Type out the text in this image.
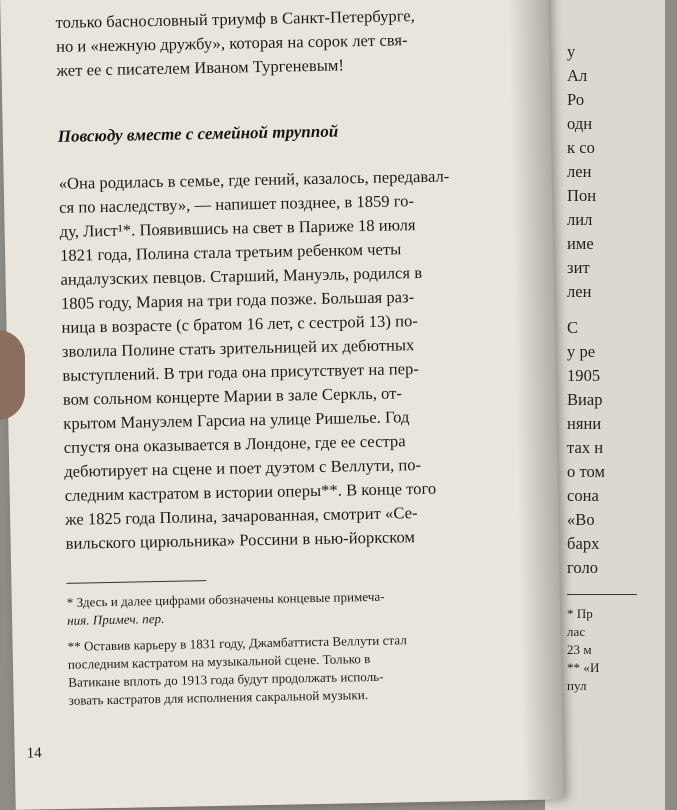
у
Ал
Ро
одн
к со
лен
Пон
лил
име
зит
лен
С
у ре
1905
Виар
няни
тах н
о том
сона
«Во
барх
голо
* Пр
лас
23 м
** «И
пул
только баснословный триумф в Санкт-Петербурге,
но и «нежную дружбу», которая на сорок лет свя-
жет ее с писателем Иваном Тургеневым!
Повсюду вместе с семейной труппой
«Она родилась в семье, где гений, казалось, передавал-
ся по наследству», — напишет позднее, в 1859 го-
ду, Лист¹*. Появившись на свет в Париже 18 июля
1821 года, Полина стала третьим ребенком четы
андалузских певцов. Старший, Мануэль, родился в
1805 году, Мария на три года позже. Большая раз-
ница в возрасте (с братом 16 лет, с сестрой 13) по-
зволила Полине стать зрительницей их дебютных
выступлений. В три года она присутствует на пер-
вом сольном концерте Марии в зале Серкль, от-
крытом Мануэлем Гарсиа на улице Ришелье. Год
спустя она оказывается в Лондоне, где ее сестра
дебютирует на сцене и поет дуэтом с Веллути, по-
следним кастратом в истории оперы**. В конце того
же 1825 года Полина, зачарованная, смотрит «Се-
вильского цирюльника» Россини в нью-йоркском
* Здесь и далее цифрами обозначены концевые примеча-
ния. Примеч. пер.
** Оставив карьеру в 1831 году, Джамбаттиста Веллути стал
последним кастратом на музыкальной сцене. Только в
Ватикане вплоть до 1913 года будут продолжать исполь-
зовать кастратов для исполнения сакральной музыки.
14
